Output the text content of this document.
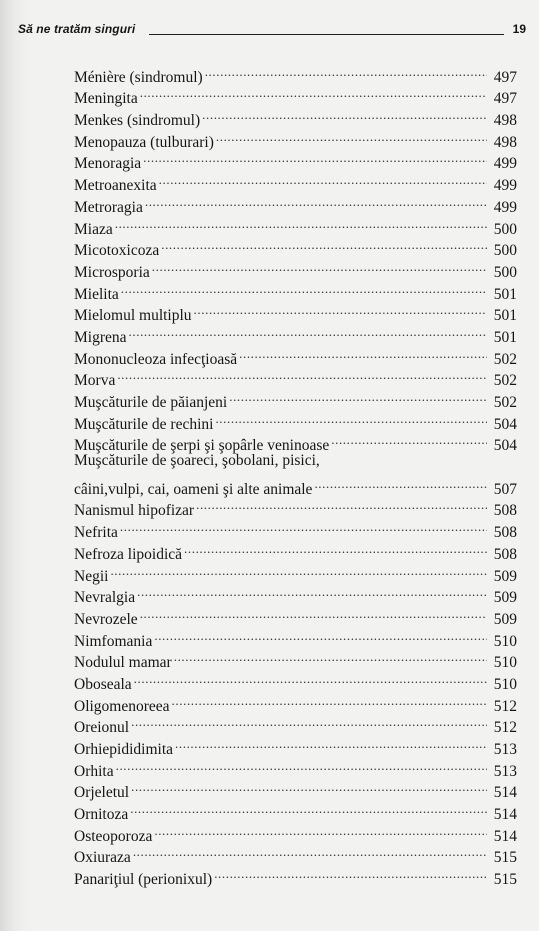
Să ne tratăm singuri	19
Ménière (sindromul) .....	497
Meningita .....	497
Menkes (sindromul) .....	498
Menopauza (tulburari) .....	498
Menoragia .....	499
Metroanexita .....	499
Metroragia .....	499
Miaza .....	500
Micotoxicoza .....	500
Microsporia .....	500
Mielita .....	501
Mielomul multiplu .....	501
Migrena .....	501
Mononucleoza infecţioasă .....	502
Morva .....	502
Muşcăturile de păianjeni .....	502
Muşcăturile de rechini .....	504
Muşcăturile de şerpi şi şopârle veninoase .....	504
Muşcăturile de şoareci, şobolani, pisici,
câini,vulpi, cai, oameni şi alte animale .....	507
Nanismul hipofizar .....	508
Nefrita .....	508
Nefroza lipoidică .....	508
Negii .....	509
Nevralgia .....	509
Nevrozele .....	509
Nimfomania .....	510
Nodulul mamar .....	510
Oboseala .....	510
Oligomenoreea .....	512
Oreionul .....	512
Orhiepididimita .....	513
Orhita .....	513
Orjeletul .....	514
Ornitoza .....	514
Osteoporoza .....	514
Oxiuraza .....	515
Panariţiul (perionixul) .....	515
